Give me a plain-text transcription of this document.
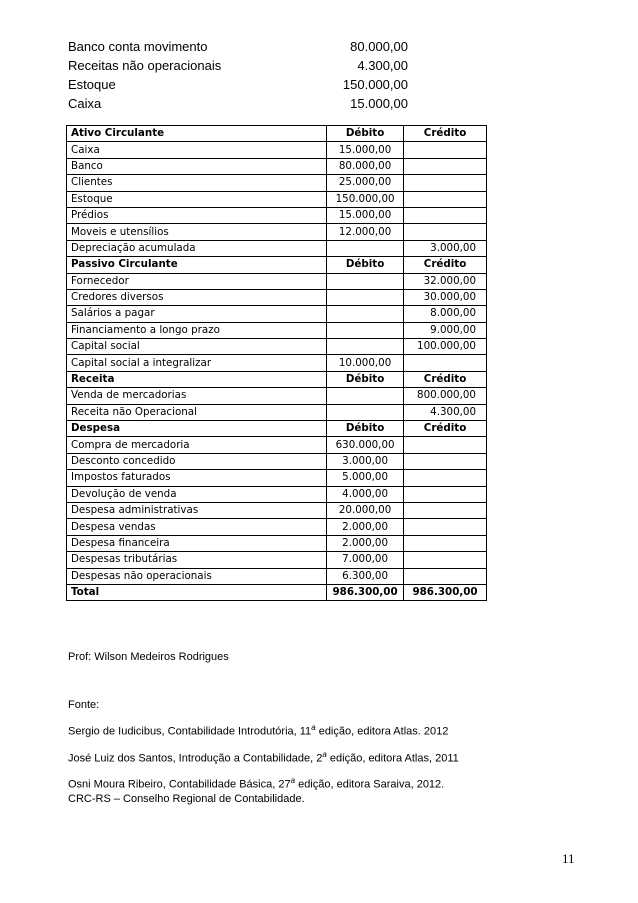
Banco conta movimento	80.000,00
Receitas não operacionais	4.300,00
Estoque	150.000,00
Caixa	15.000,00
Ativo Circulante	Débito	Crédito
Caixa	15.000,00	
Banco	80.000,00	
Clientes	25.000,00	
Estoque	150.000,00	
Prédios	15.000,00	
Moveis e utensílios	12.000,00	
Depreciação acumulada		3.000,00
Passivo Circulante	Débito	Crédito
Fornecedor		32.000,00
Credores diversos		30.000,00
Salários a pagar		8.000,00
Financiamento a longo prazo		9.000,00
Capital social		100.000,00
Capital social a integralizar	10.000,00	
Receita	Débito	Crédito
Venda de mercadorias		800.000,00
Receita não Operacional		4.300,00
Despesa	Débito	Crédito
Compra de mercadoria	630.000,00	
Desconto concedido	3.000,00	
Impostos faturados	5.000,00	
Devolução de venda	4.000,00	
Despesa administrativas	20.000,00	
Despesa vendas	2.000,00	
Despesa financeira	2.000,00	
Despesas tributárias	7.000,00	
Despesas não operacionais	6.300,00	
Total	986.300,00	986.300,00
Prof: Wilson Medeiros Rodrigues
Fonte:
Sergio de Iudicibus, Contabilidade Introdutória, 11$^a$ edição, editora Atlas. 2012
José Luiz dos Santos, Introdução a Contabilidade, 2$^a$ edição, editora Atlas, 2011
Osni Moura Ribeiro, Contabilidade Básica, 27$^a$ edição, editora Saraiva, 2012.
CRC-RS – Conselho Regional de Contabilidade.
11
